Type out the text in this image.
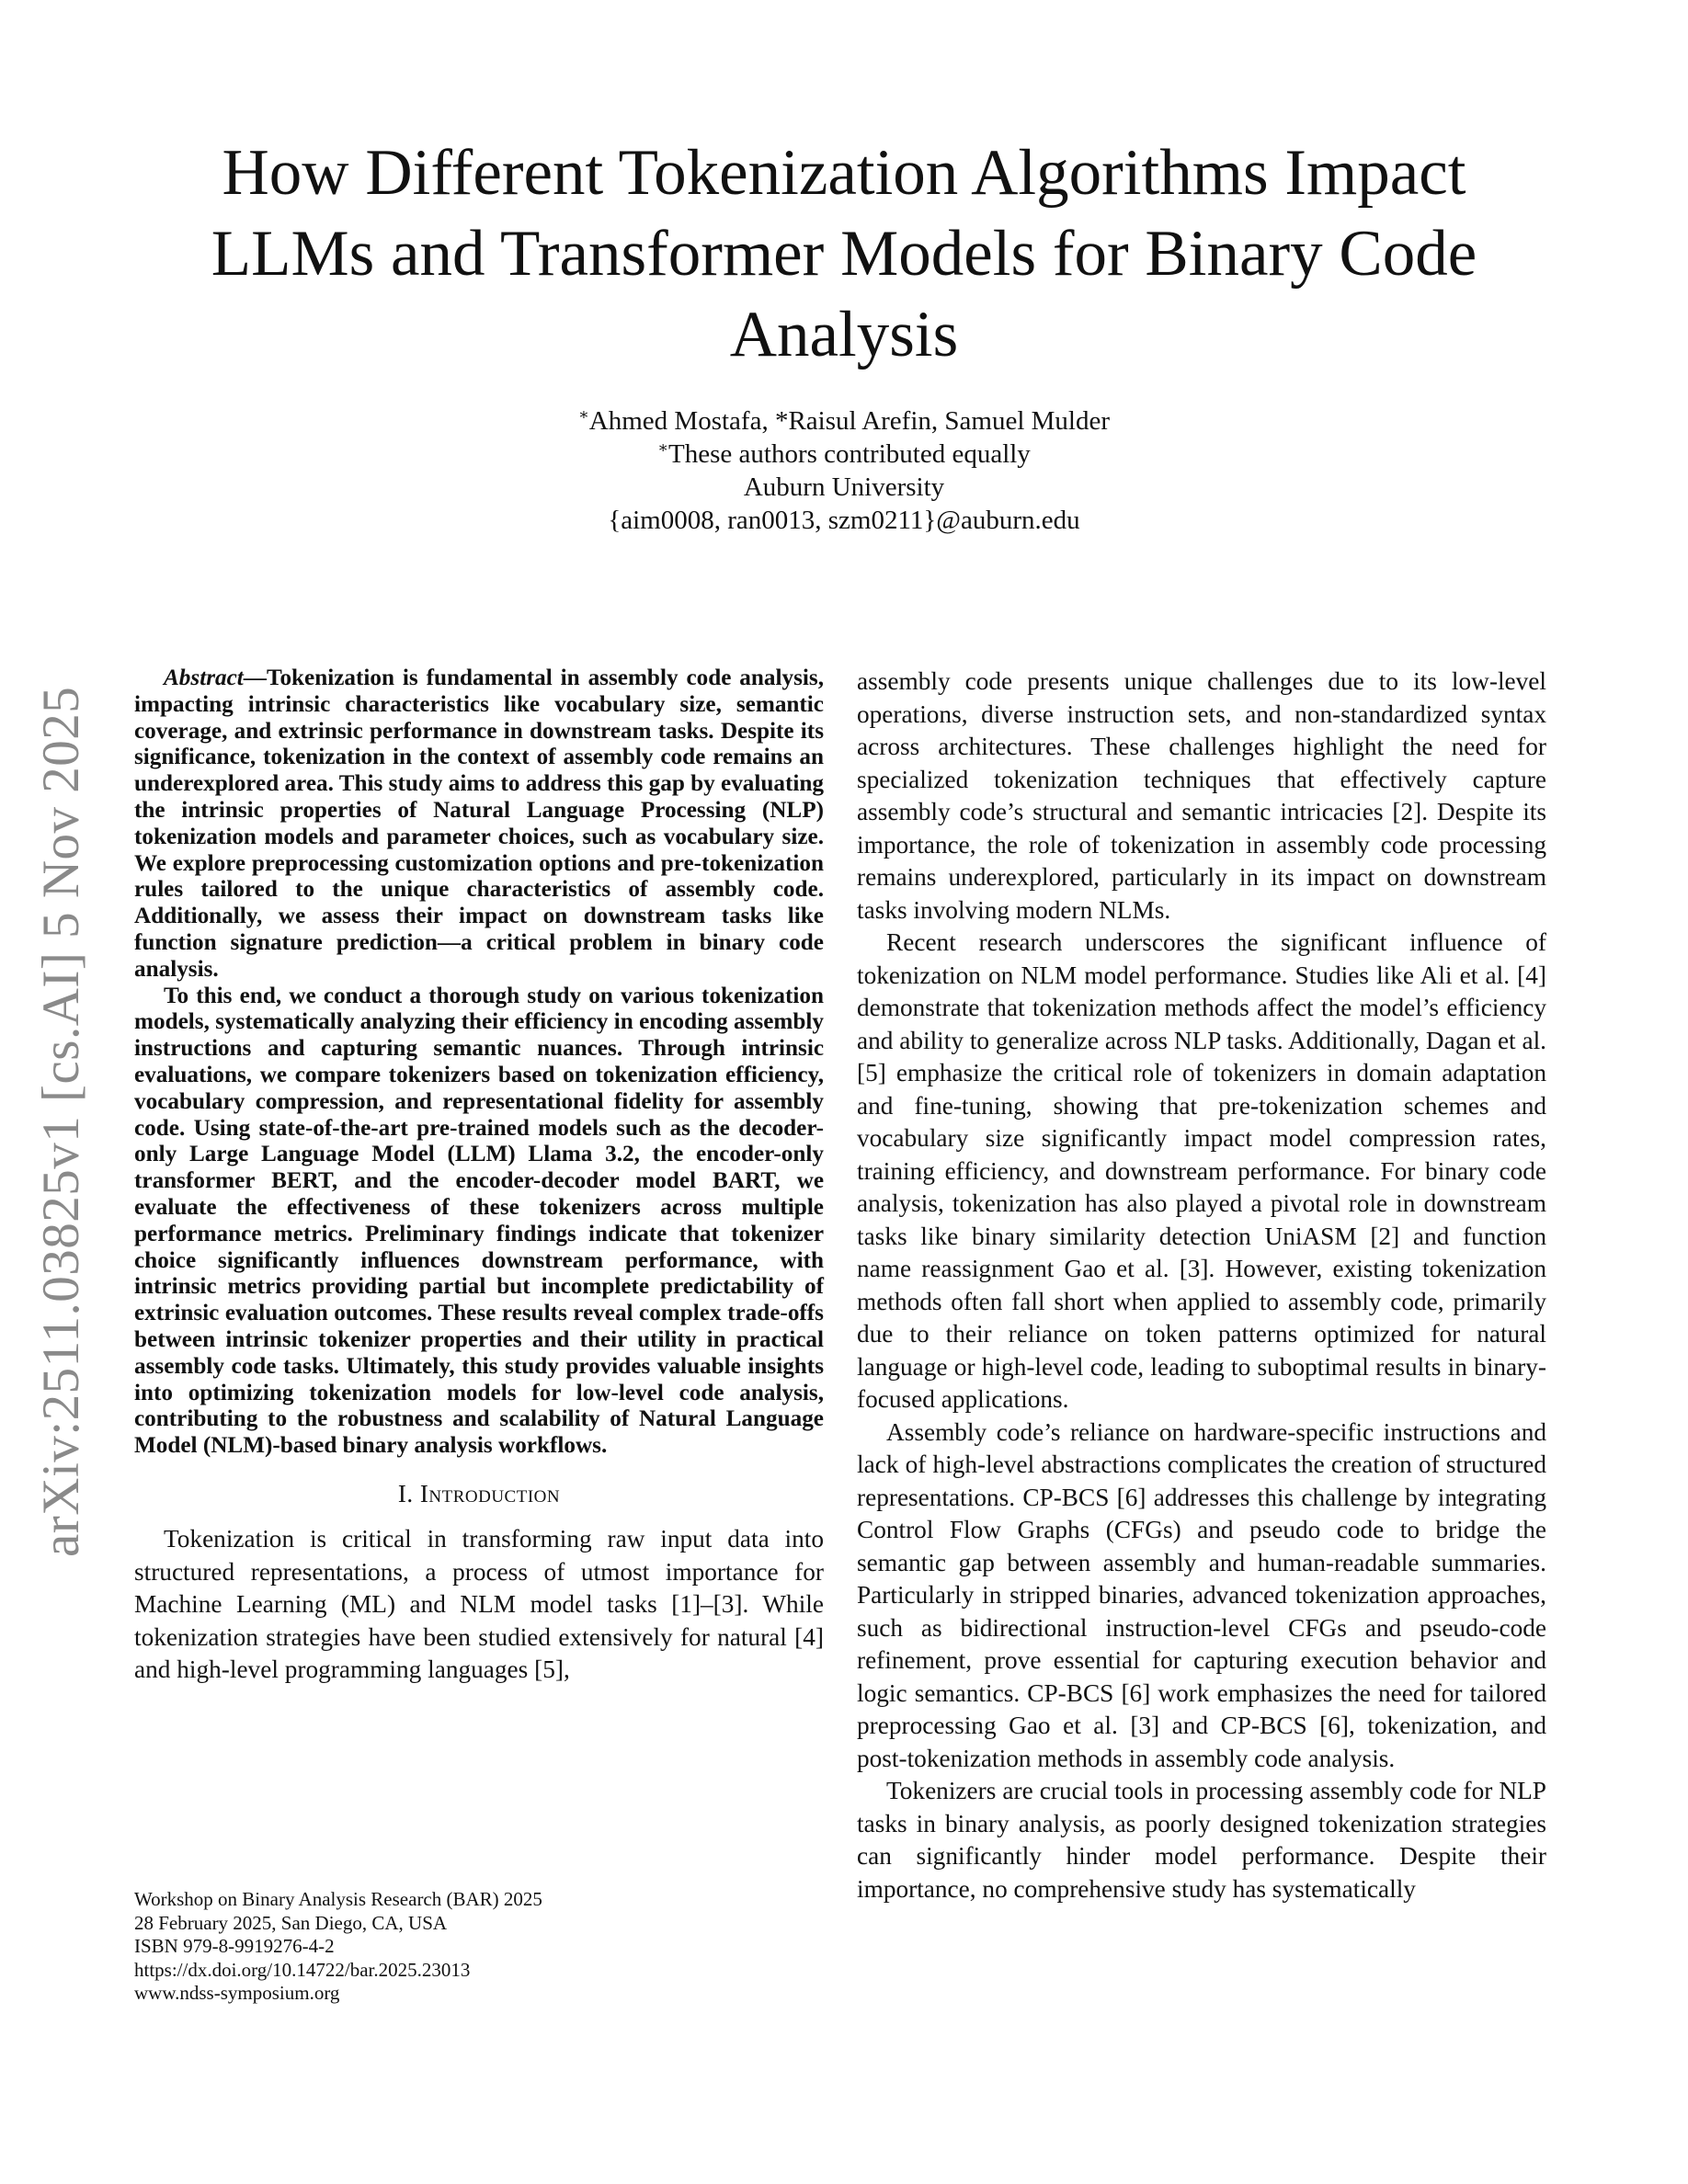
arXiv:2511.03825v1 [cs.AI] 5 Nov 2025
How Different Tokenization Algorithms Impact LLMs and Transformer Models for Binary Code Analysis
∗Ahmed Mostafa, *Raisul Arefin, Samuel Mulder
∗These authors contributed equally
Auburn University
{aim0008, ran0013, szm0211}@auburn.edu

Abstract—Tokenization is fundamental in assembly code analysis, impacting intrinsic characteristics like vocabulary size, semantic coverage, and extrinsic performance in downstream tasks. Despite its significance, tokenization in the context of assembly code remains an underexplored area. This study aims to address this gap by evaluating the intrinsic properties of Natural Language Processing (NLP) tokenization models and parameter choices, such as vocabulary size. We explore preprocessing customization options and pre-tokenization rules tailored to the unique characteristics of assembly code. Additionally, we assess their impact on downstream tasks like function signature prediction—a critical problem in binary code analysis.

To this end, we conduct a thorough study on various tokenization models, systematically analyzing their efficiency in encoding assembly instructions and capturing semantic nuances. Through intrinsic evaluations, we compare tokenizers based on tokenization efficiency, vocabulary compression, and representational fidelity for assembly code. Using state-of-the-art pre-trained models such as the decoder-only Large Language Model (LLM) Llama 3.2, the encoder-only transformer BERT, and the encoder-decoder model BART, we evaluate the effectiveness of these tokenizers across multiple performance metrics. Preliminary findings indicate that tokenizer choice significantly influences downstream performance, with intrinsic metrics providing partial but incomplete predictability of extrinsic evaluation outcomes. These results reveal complex trade-offs between intrinsic tokenizer properties and their utility in practical assembly code tasks. Ultimately, this study provides valuable insights into optimizing tokenization models for low-level code analysis, contributing to the robustness and scalability of Natural Language Model (NLM)-based binary analysis workflows.

I. Introduction

Tokenization is critical in transforming raw input data into structured representations, a process of utmost importance for Machine Learning (ML) and NLM model tasks [1]–[3]. While tokenization strategies have been studied extensively for natural [4] and high-level programming languages [5],

assembly code presents unique challenges due to its low-level operations, diverse instruction sets, and non-standardized syntax across architectures. These challenges highlight the need for specialized tokenization techniques that effectively capture assembly code’s structural and semantic intricacies [2]. Despite its importance, the role of tokenization in assembly code processing remains underexplored, particularly in its impact on downstream tasks involving modern NLMs.

Recent research underscores the significant influence of tokenization on NLM model performance. Studies like Ali et al. [4] demonstrate that tokenization methods affect the model’s efficiency and ability to generalize across NLP tasks. Additionally, Dagan et al. [5] emphasize the critical role of tokenizers in domain adaptation and fine-tuning, showing that pre-tokenization schemes and vocabulary size significantly impact model compression rates, training efficiency, and downstream performance. For binary code analysis, tokenization has also played a pivotal role in downstream tasks like binary similarity detection UniASM [2] and function name reassignment Gao et al. [3]. However, existing tokenization methods often fall short when applied to assembly code, primarily due to their reliance on token patterns optimized for natural language or high-level code, leading to suboptimal results in binary-focused applications.

Assembly code’s reliance on hardware-specific instructions and lack of high-level abstractions complicates the creation of structured representations. CP-BCS [6] addresses this challenge by integrating Control Flow Graphs (CFGs) and pseudo code to bridge the semantic gap between assembly and human-readable summaries. Particularly in stripped binaries, advanced tokenization approaches, such as bidirectional instruction-level CFGs and pseudo-code refinement, prove essential for capturing execution behavior and logic semantics. CP-BCS [6] work emphasizes the need for tailored preprocessing Gao et al. [3] and CP-BCS [6], tokenization, and post-tokenization methods in assembly code analysis.

Tokenizers are crucial tools in processing assembly code for NLP tasks in binary analysis, as poorly designed tokenization strategies can significantly hinder model performance. Despite their importance, no comprehensive study has systematically

Workshop on Binary Analysis Research (BAR) 2025
28 February 2025, San Diego, CA, USA
ISBN 979-8-9919276-4-2
https://dx.doi.org/10.14722/bar.2025.23013
www.ndss-symposium.org
